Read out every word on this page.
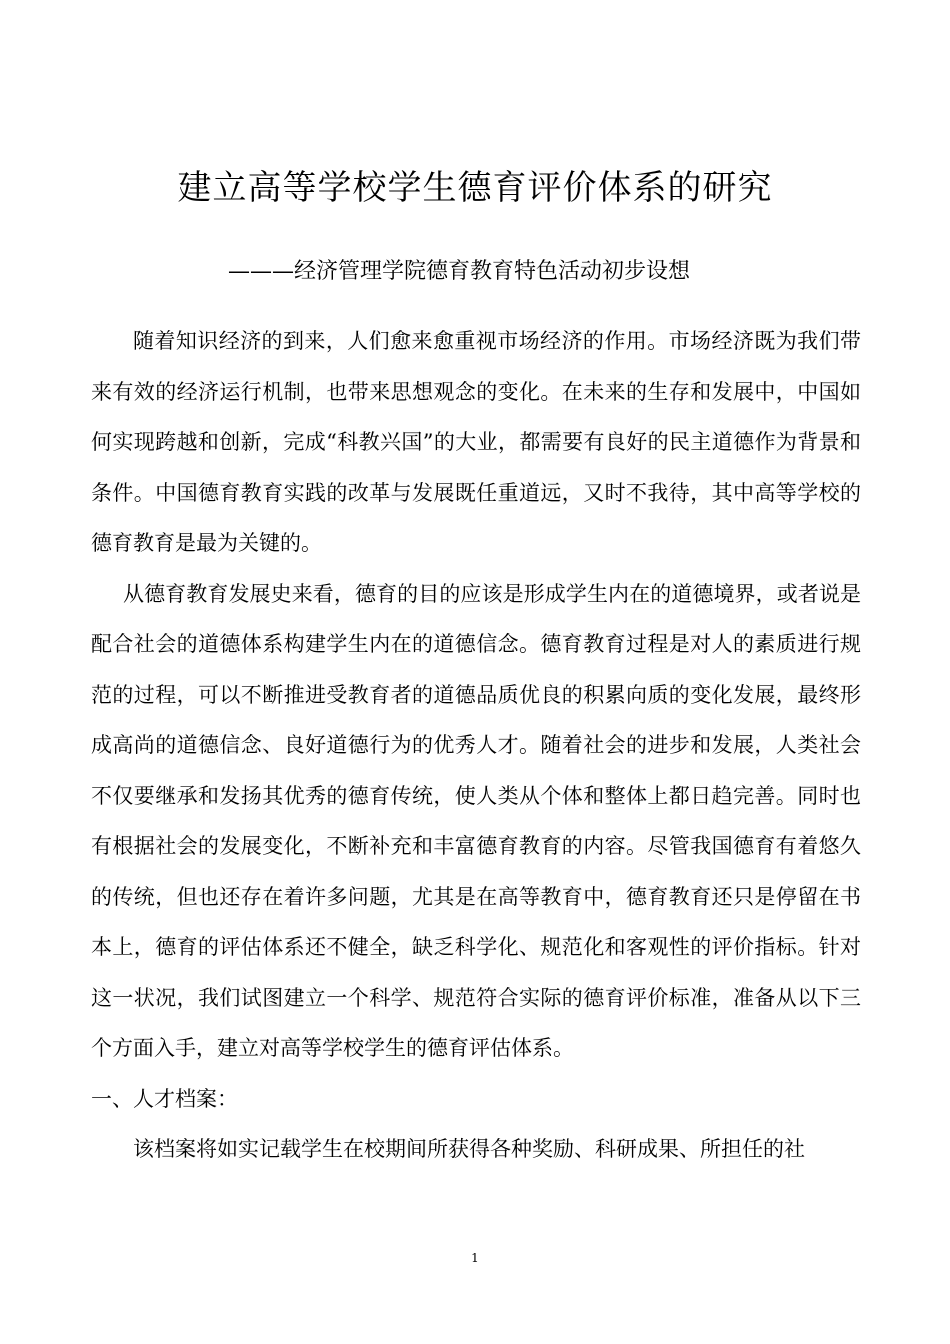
建立高等学校学生德育评价体系的研究
———经济管理学院德育教育特色活动初步设想

随着知识经济的到来，人们愈来愈重视市场经济的作用。市场经济既为我们带来有效的经济运行机制，也带来思想观念的变化。在未来的生存和发展中，中国如何实现跨越和创新，完成“科教兴国”的大业，都需要有良好的民主道德作为背景和条件。中国德育教育实践的改革与发展既任重道远，又时不我待，其中高等学校的德育教育是最为关键的。

从德育教育发展史来看，德育的目的应该是形成学生内在的道德境界，或者说是配合社会的道德体系构建学生内在的道德信念。德育教育过程是对人的素质进行规范的过程，可以不断推进受教育者的道德品质优良的积累向质的变化发展，最终形成高尚的道德信念、良好道德行为的优秀人才。随着社会的进步和发展，人类社会不仅要继承和发扬其优秀的德育传统，使人类从个体和整体上都日趋完善。同时也有根据社会的发展变化，不断补充和丰富德育教育的内容。尽管我国德育有着悠久的传统，但也还存在着许多问题，尤其是在高等教育中，德育教育还只是停留在书本上，德育的评估体系还不健全，缺乏科学化、规范化和客观性的评价指标。针对这一状况，我们试图建立一个科学、规范符合实际的德育评价标准，准备从以下三个方面入手，建立对高等学校学生的德育评估体系。

一、人才档案：

该档案将如实记载学生在校期间所获得各种奖励、科研成果、所担任的社

1
